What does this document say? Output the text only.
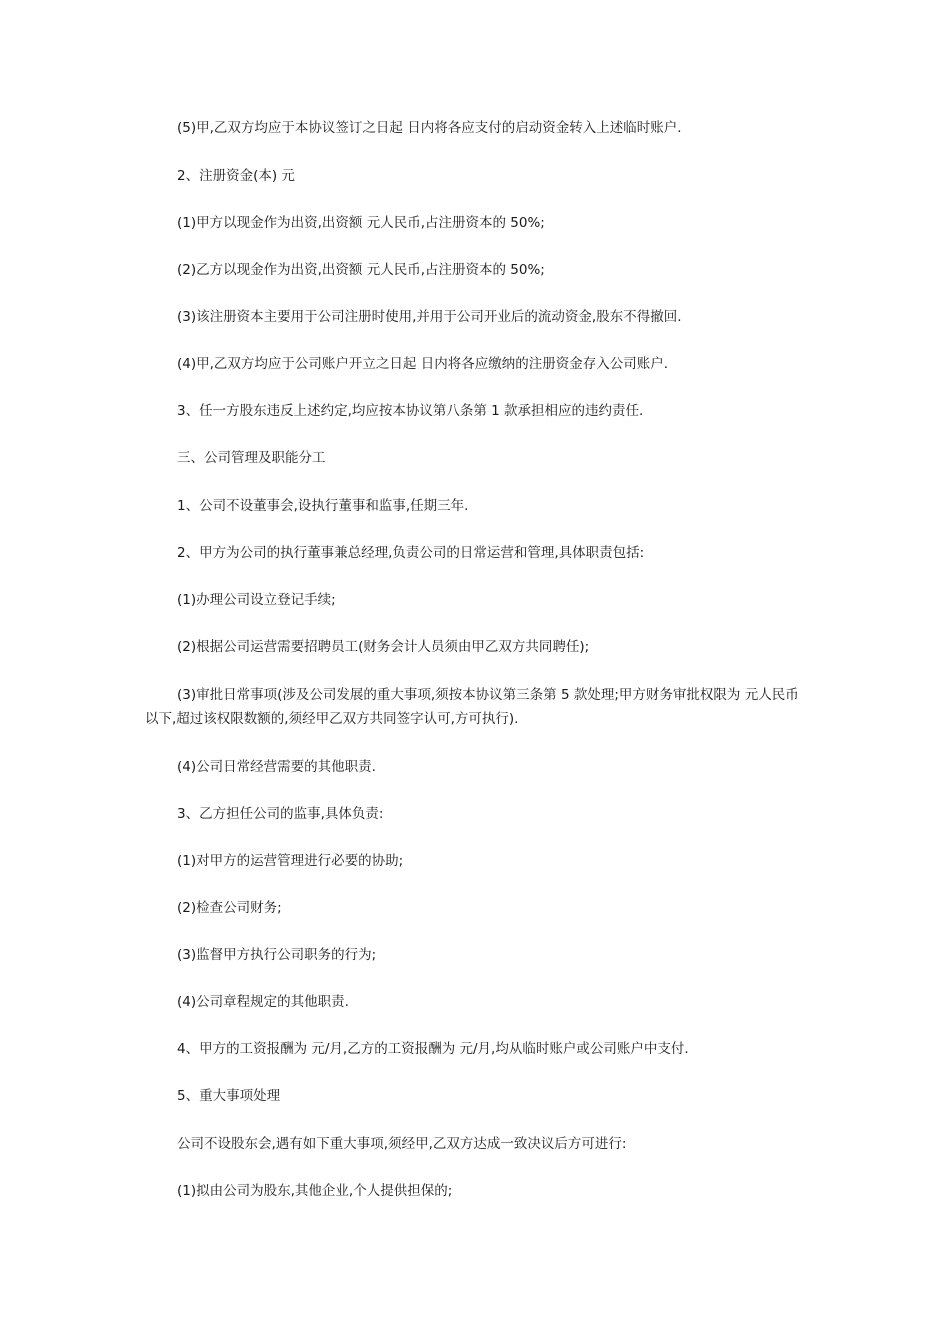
(5)甲,乙双方均应于本协议签订之日起 日内将各应支付的启动资金转入上述临时账户.

2、注册资金(本) 元

(1)甲方以现金作为出资,出资额 元人民币,占注册资本的 50%;

(2)乙方以现金作为出资,出资额 元人民币,占注册资本的 50%;

(3)该注册资本主要用于公司注册时使用,并用于公司开业后的流动资金,股东不得撤回.

(4)甲,乙双方均应于公司账户开立之日起 日内将各应缴纳的注册资金存入公司账户.

3、任一方股东违反上述约定,均应按本协议第八条第 1 款承担相应的违约责任.

三、公司管理及职能分工

1、公司不设董事会,设执行董事和监事,任期三年.

2、甲方为公司的执行董事兼总经理,负责公司的日常运营和管理,具体职责包括:

(1)办理公司设立登记手续;

(2)根据公司运营需要招聘员工(财务会计人员须由甲乙双方共同聘任);

(3)审批日常事项(涉及公司发展的重大事项,须按本协议第三条第 5 款处理;甲方财务审批权限为 元人民币以下,超过该权限数额的,须经甲乙双方共同签字认可,方可执行).

(4)公司日常经营需要的其他职责.

3、乙方担任公司的监事,具体负责:

(1)对甲方的运营管理进行必要的协助;

(2)检查公司财务;

(3)监督甲方执行公司职务的行为;

(4)公司章程规定的其他职责.

4、甲方的工资报酬为 元/月,乙方的工资报酬为 元/月,均从临时账户或公司账户中支付.

5、重大事项处理

公司不设股东会,遇有如下重大事项,须经甲,乙双方达成一致决议后方可进行:

(1)拟由公司为股东,其他企业,个人提供担保的;
